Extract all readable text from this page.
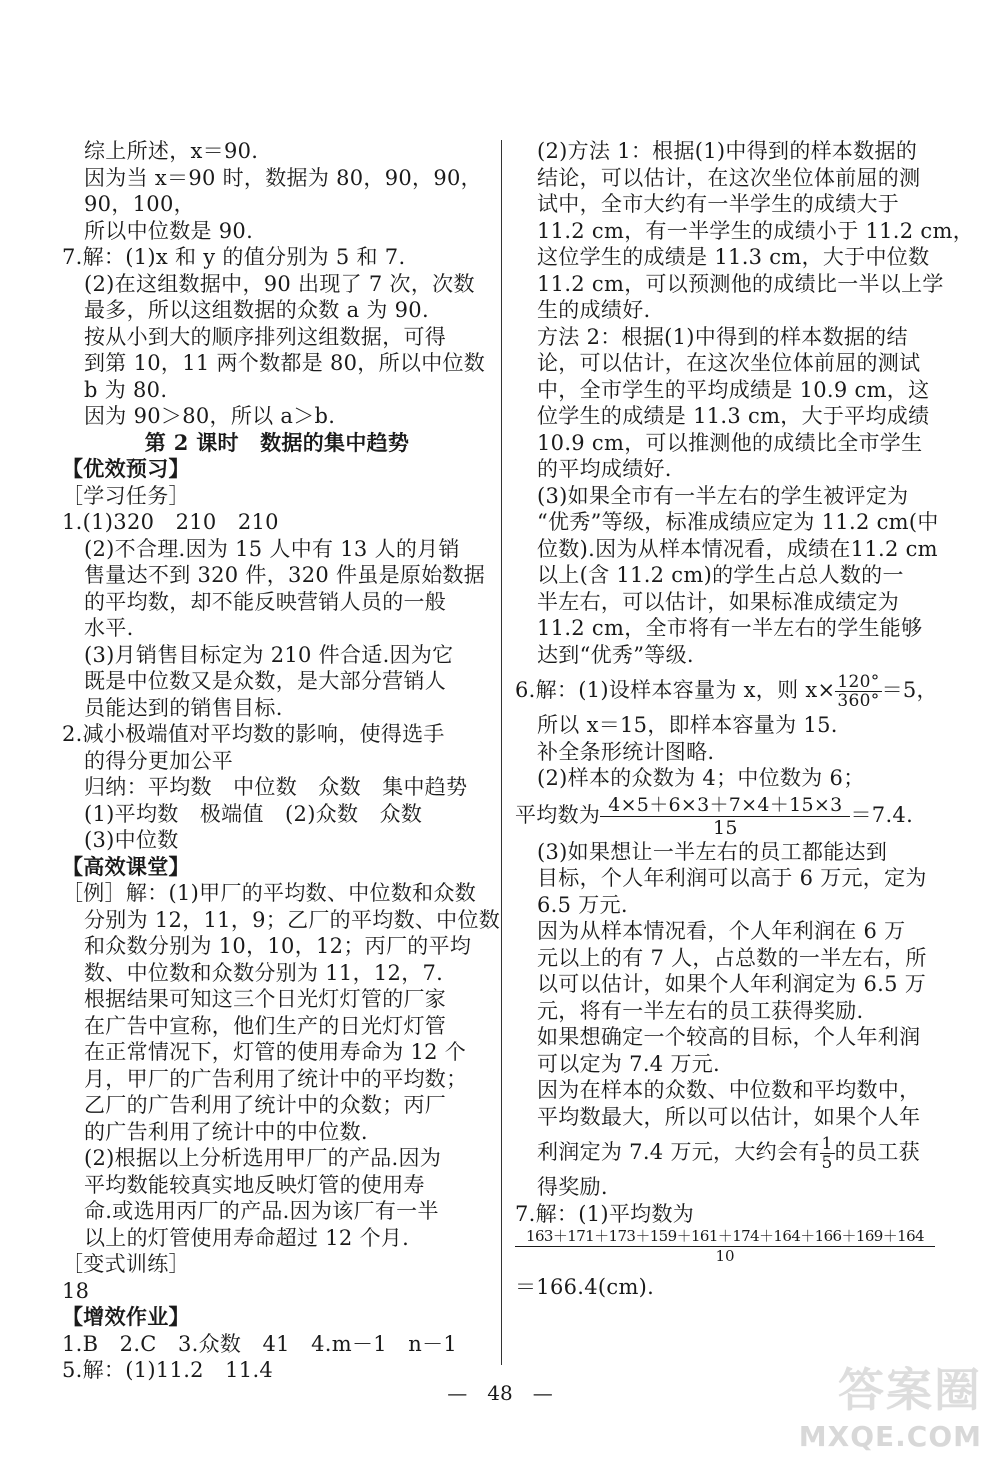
综上所述，x＝90.
因为当 x＝90 时，数据为 80，90，90，
90，100，
所以中位数是 90.
7.解：(1)x 和 y 的值分别为 5 和 7.
(2)在这组数据中，90 出现了 7 次，次数
最多，所以这组数据的众数 a 为 90.
按从小到大的顺序排列这组数据，可得
到第 10，11 两个数都是 80，所以中位数
b 为 80.
因为 90＞80，所以 a＞b.
第 2 课时　数据的集中趋势
【优效预习】
［学习任务］
1.(1)320　210　210
(2)不合理.因为 15 人中有 13 人的月销
售量达不到 320 件，320 件虽是原始数据
的平均数，却不能反映营销人员的一般
水平.
(3)月销售目标定为 210 件合适.因为它
既是中位数又是众数，是大部分营销人
员能达到的销售目标.
2.减小极端值对平均数的影响，使得选手
的得分更加公平
归纳：平均数　中位数　众数　集中趋势
(1)平均数　极端值　(2)众数　众数
(3)中位数
【高效课堂】
［例］解：(1)甲厂的平均数、中位数和众数
分别为 12，11，9；乙厂的平均数、中位数
和众数分别为 10，10，12；丙厂的平均
数、中位数和众数分别为 11，12，7.
根据结果可知这三个日光灯灯管的厂家
在广告中宣称，他们生产的日光灯灯管
在正常情况下，灯管的使用寿命为 12 个
月，甲厂的广告利用了统计中的平均数；
乙厂的广告利用了统计中的众数；丙厂
的广告利用了统计中的中位数.
(2)根据以上分析选用甲厂的产品.因为
平均数能较真实地反映灯管的使用寿
命.或选用丙厂的产品.因为该厂有一半
以上的灯管使用寿命超过 12 个月.
［变式训练］
18
【增效作业】
1.B　2.C　3.众数　41　4.m－1　n－1
5.解：(1)11.2　11.4
(2)方法 1：根据(1)中得到的样本数据的
结论，可以估计，在这次坐位体前屈的测
试中，全市大约有一半学生的成绩大于
11.2 cm，有一半学生的成绩小于 11.2 cm，
这位学生的成绩是 11.3 cm，大于中位数
11.2 cm，可以预测他的成绩比一半以上学
生的成绩好.
方法 2：根据(1)中得到的样本数据的结
论，可以估计，在这次坐位体前屈的测试
中，全市学生的平均成绩是 10.9 cm，这
位学生的成绩是 11.3 cm，大于平均成绩
10.9 cm，可以推测他的成绩比全市学生
的平均成绩好.
(3)如果全市有一半左右的学生被评定为
“优秀”等级，标准成绩应定为 11.2 cm(中
位数).因为从样本情况看，成绩在11.2 cm
以上(含 11.2 cm)的学生占总人数的一
半左右，可以估计，如果标准成绩定为
11.2 cm，全市将有一半左右的学生能够
达到“优秀”等级.
6.解：(1)设样本容量为 x，则 $x\times \frac{120^\circ}{360^\circ} =5$，
所以 x＝15，即样本容量为 15.
补全条形统计图略.
(2)样本的众数为 4；中位数为 6；
平均数为 $\frac{4\times 5+6\times 3+7\times 4+15\times 3}{15} =7.4$.
(3)如果想让一半左右的员工都能达到
目标，个人年利润可以高于 6 万元，定为
6.5 万元.
因为从样本情况看，个人年利润在 6 万
元以上的有 7 人，占总数的一半左右，所
以可以估计，如果个人年利润定为 6.5 万
元，将有一半左右的员工获得奖励.
如果想确定一个较高的目标，个人年利润
可以定为 7.4 万元.
因为在样本的众数、中位数和平均数中，
平均数最大，所以可以估计，如果个人年
利润定为 7.4 万元，大约会有 $\frac{1}{5}$ 的员工获
得奖励.
7.解：(1)平均数为
163＋171＋173＋159＋161＋174＋164＋166＋169＋164
10
＝166.4(cm).
—　48　—	答案圈
MXQE.COM
